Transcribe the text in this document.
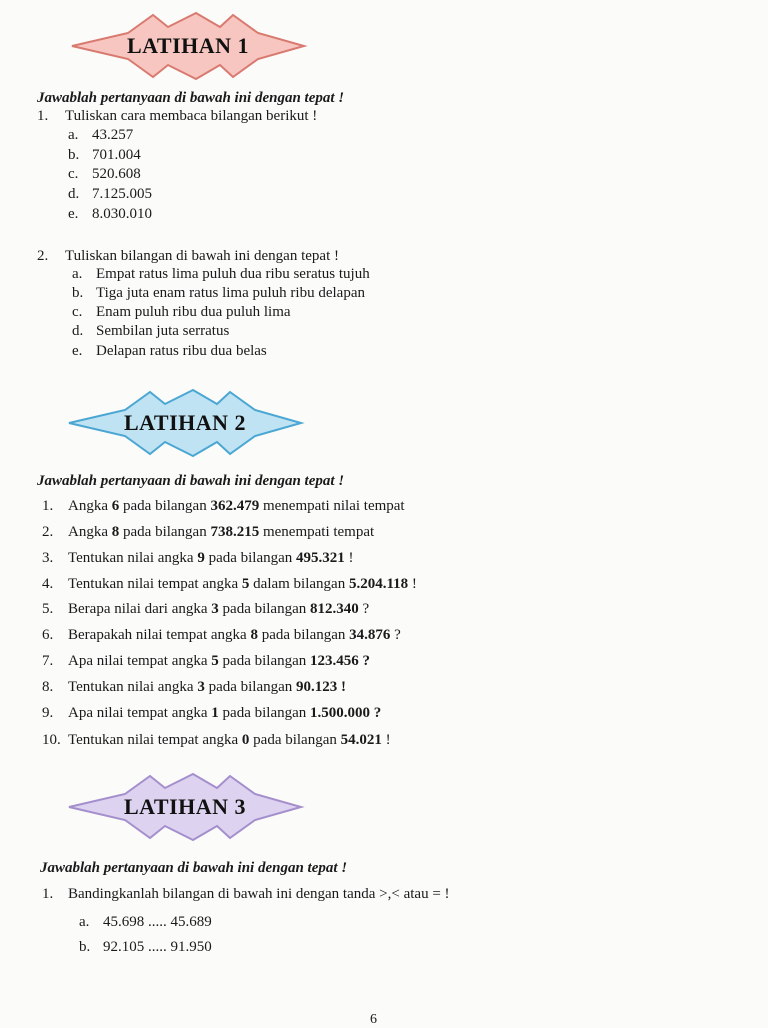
LATIHAN 1
Jawablah pertanyaan di bawah ini dengan tepat !
1. Tuliskan cara membaca bilangan berikut !
a. 43.257
b. 701.004
c. 520.608
d. 7.125.005
e. 8.030.010
2. Tuliskan bilangan di bawah ini dengan tepat !
a. Empat ratus lima puluh dua ribu seratus tujuh
b. Tiga juta enam ratus lima puluh ribu delapan
c. Enam puluh ribu dua puluh lima
d. Sembilan juta serratus
e. Delapan ratus ribu dua belas
LATIHAN 2
Jawablah pertanyaan di bawah ini dengan tepat !
1. Angka 6 pada bilangan 362.479 menempati nilai tempat
2. Angka 8 pada bilangan 738.215 menempati tempat
3. Tentukan nilai angka 9 pada bilangan 495.321 !
4. Tentukan nilai tempat angka 5 dalam bilangan 5.204.118 !
5. Berapa nilai dari angka 3 pada bilangan 812.340 ?
6. Berapakah nilai tempat angka 8 pada bilangan 34.876 ?
7. Apa nilai tempat angka 5 pada bilangan 123.456 ?
8. Tentukan nilai angka 3 pada bilangan 90.123 !
9. Apa nilai tempat angka 1 pada bilangan 1.500.000 ?
10. Tentukan nilai tempat angka 0 pada bilangan 54.021 !
LATIHAN 3
Jawablah pertanyaan di bawah ini dengan tepat !
1. Bandingkanlah bilangan di bawah ini dengan tanda >,< atau = !
a. 45.698 ..... 45.689
b. 92.105 ..... 91.950
6
